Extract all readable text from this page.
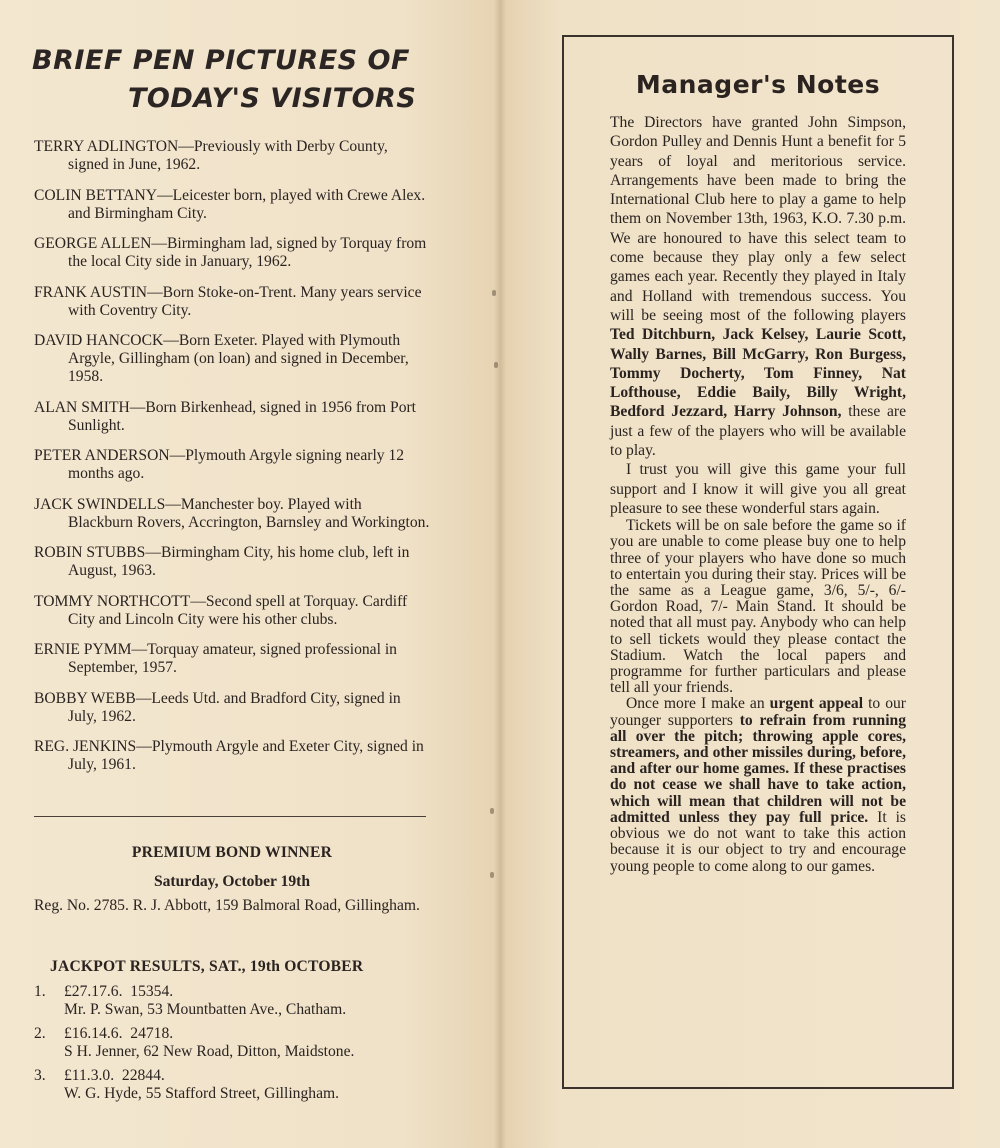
BRIEF PEN PICTURES OF
TODAY'S VISITORS
TERRY ADLINGTON—Previously with Derby County, signed in June, 1962.
COLIN BETTANY—Leicester born, played with Crewe Alex. and Birmingham City.
GEORGE ALLEN—Birmingham lad, signed by Torquay from the local City side in January, 1962.
FRANK AUSTIN—Born Stoke-on-Trent. Many years service with Coventry City.
DAVID HANCOCK—Born Exeter. Played with Plymouth Argyle, Gillingham (on loan) and signed in December, 1958.
ALAN SMITH—Born Birkenhead, signed in 1956 from Port Sunlight.
PETER ANDERSON—Plymouth Argyle signing nearly 12 months ago.
JACK SWINDELLS—Manchester boy. Played with Blackburn Rovers, Accrington, Barnsley and Workington.
ROBIN STUBBS—Birmingham City, his home club, left in August, 1963.
TOMMY NORTHCOTT—Second spell at Torquay. Cardiff City and Lincoln City were his other clubs.
ERNIE PYMM—Torquay amateur, signed professional in September, 1957.
BOBBY WEBB—Leeds Utd. and Bradford City, signed in July, 1962.
REG. JENKINS—Plymouth Argyle and Exeter City, signed in July, 1961.
PREMIUM BOND WINNER
Saturday, October 19th
Reg. No. 2785. R. J. Abbott, 159 Balmoral Road, Gillingham.
JACKPOT RESULTS, SAT., 19th OCTOBER
1. £27.17.6. 15354.
Mr. P. Swan, 53 Mountbatten Ave., Chatham.
2. £16.14.6. 24718.
S H. Jenner, 62 New Road, Ditton, Maidstone.
3. £11.3.0. 22844.
W. G. Hyde, 55 Stafford Street, Gillingham.
Manager's Notes

The Directors have granted John Simpson, Gordon Pulley and Dennis Hunt a benefit for 5 years of loyal and meritorious service. Arrangements have been made to bring the International Club here to play a game to help them on November 13th, 1963, K.O. 7.30 p.m. We are honoured to have this select team to come because they play only a few select games each year. Recently they played in Italy and Holland with tremendous success. You will be seeing most of the following players Ted Ditchburn, Jack Kelsey, Laurie Scott, Wally Barnes, Bill McGarry, Ron Burgess, Tommy Docherty, Tom Finney, Nat Lofthouse, Eddie Baily, Billy Wright, Bedford Jezzard, Harry Johnson, these are just a few of the players who will be available to play.

I trust you will give this game your full support and I know it will give you all great pleasure to see these wonderful stars again.

Tickets will be on sale before the game so if you are unable to come please buy one to help three of your players who have done so much to entertain you during their stay. Prices will be the same as a League game, 3/6, 5/-, 6/- Gordon Road, 7/- Main Stand. It should be noted that all must pay. Anybody who can help to sell tickets would they please contact the Stadium. Watch the local papers and programme for further particulars and please tell all your friends.

Once more I make an urgent appeal to our younger supporters to refrain from running all over the pitch; throwing apple cores, streamers, and other missiles during, before, and after our home games. If these practises do not cease we shall have to take action, which will mean that children will not be admitted unless they pay full price. It is obvious we do not want to take this action because it is our object to try and encourage young people to come along to our games.
